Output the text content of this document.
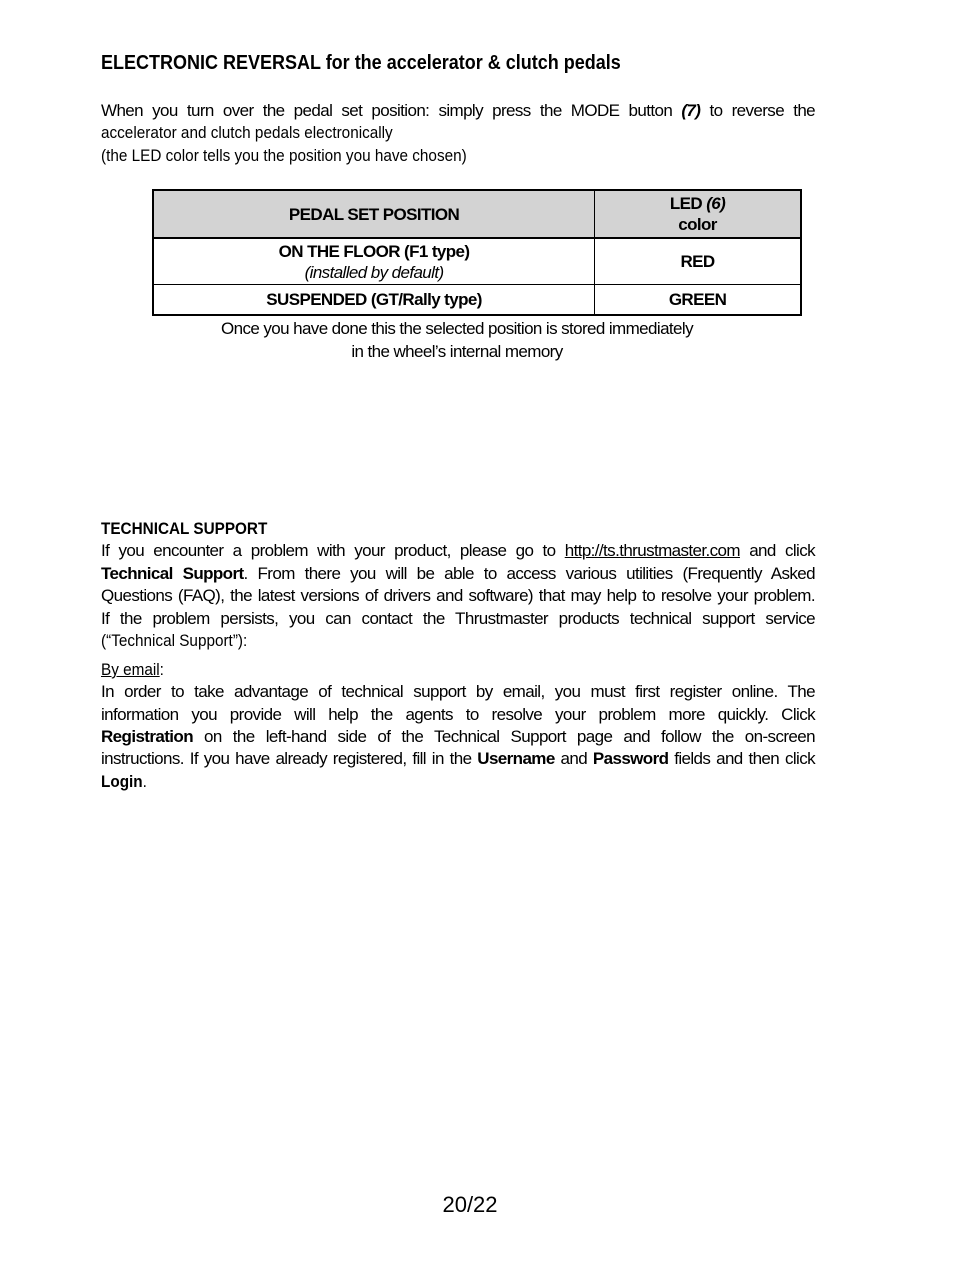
ELECTRONIC REVERSAL for the accelerator & clutch pedals
When you turn over the pedal set position: simply press the MODE button (7) to reverse the
accelerator and clutch pedals electronically
(the LED color tells you the position you have chosen)
PEDAL SET POSITION	LED (6)
color
ON THE FLOOR (F1 type)
(installed by default)	RED
SUSPENDED (GT/Rally type)	GREEN
Once you have done this the selected position is stored immediately
in the wheel’s internal memory
TECHNICAL SUPPORT
If you encounter a problem with your product, please go to http://ts.thrustmaster.com and click
Technical Support. From there you will be able to access various utilities (Frequently Asked
Questions (FAQ), the latest versions of drivers and software) that may help to resolve your problem.
If the problem persists, you can contact the Thrustmaster products technical support service
(“Technical Support”):
By email:
In order to take advantage of technical support by email, you must first register online. The
information you provide will help the agents to resolve your problem more quickly. Click
Registration on the left-hand side of the Technical Support page and follow the on-screen
instructions. If you have already registered, fill in the Username and Password fields and then click
Login.
20/22
